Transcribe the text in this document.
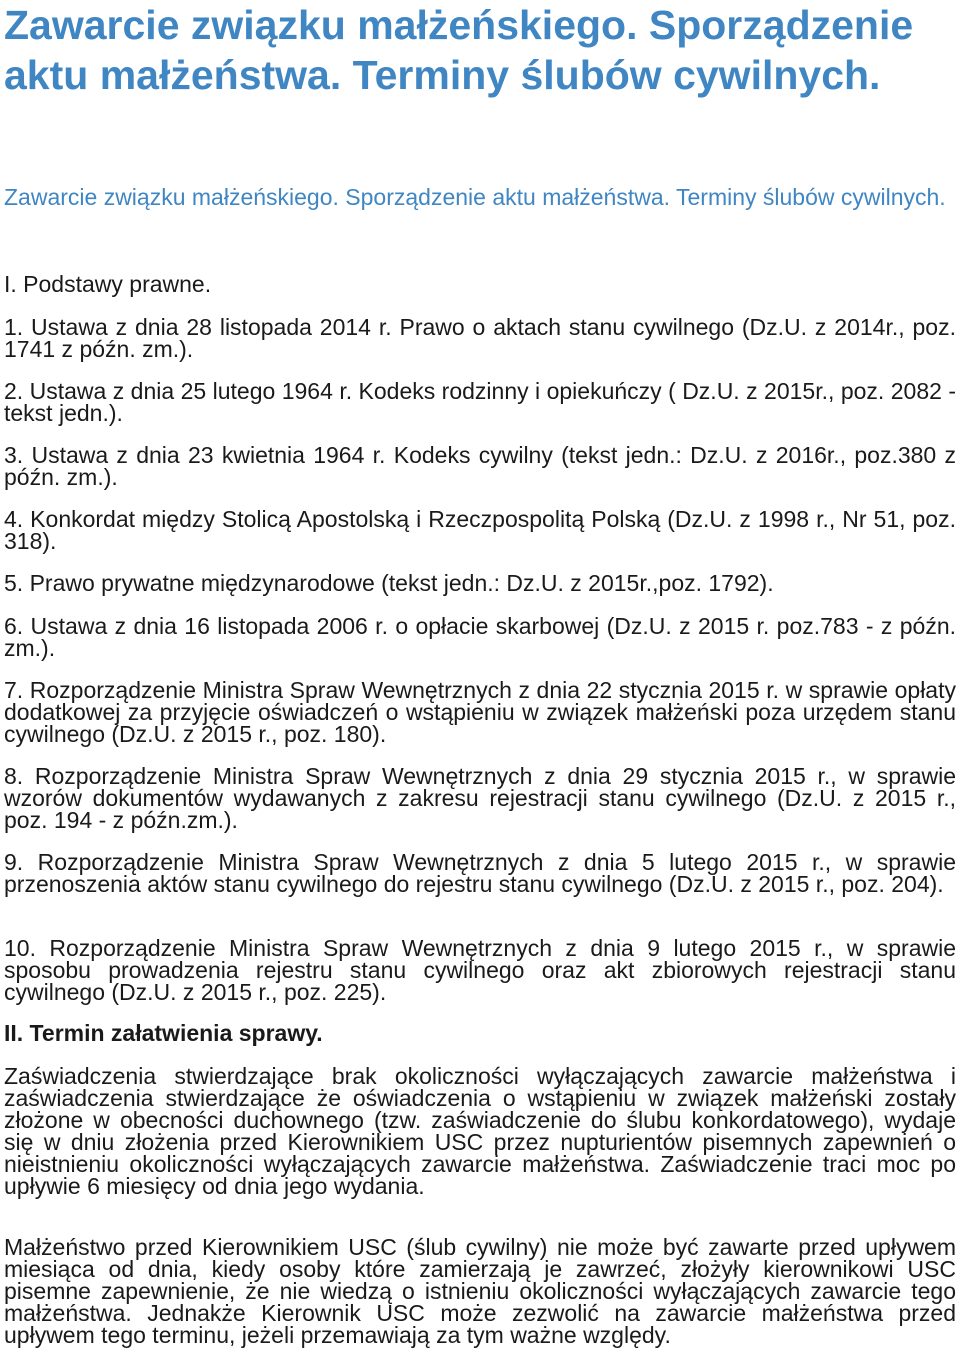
Zawarcie związku małżeńskiego. Sporządzenie aktu małżeństwa. Terminy ślubów cywilnych.

Zawarcie związku małżeńskiego. Sporządzenie aktu małżeństwa. Terminy ślubów cywilnych.

I. Podstawy prawne.

1. Ustawa z dnia 28 listopada 2014 r. Prawo o aktach stanu cywilnego (Dz.U. z 2014r., poz. 1741 z późn. zm.).

2. Ustawa z dnia 25 lutego 1964 r. Kodeks rodzinny i opiekuńczy ( Dz.U. z 2015r., poz. 2082 - tekst jedn.).

3. Ustawa z dnia 23 kwietnia 1964 r. Kodeks cywilny (tekst jedn.: Dz.U. z 2016r., poz.380 z późn. zm.).

4. Konkordat między Stolicą Apostolską i Rzeczpospolitą Polską (Dz.U. z 1998 r., Nr 51, poz. 318).

5. Prawo prywatne międzynarodowe (tekst jedn.: Dz.U. z 2015r.,poz. 1792).

6. Ustawa z dnia 16 listopada 2006 r. o opłacie skarbowej (Dz.U. z 2015 r. poz.783 - z późn. zm.).

7. Rozporządzenie Ministra Spraw Wewnętrznych z dnia 22 stycznia 2015 r. w sprawie opłaty dodatkowej za przyjęcie oświadczeń o wstąpieniu w związek małżeński poza urzędem stanu cywilnego (Dz.U. z 2015 r., poz. 180).

8. Rozporządzenie Ministra Spraw Wewnętrznych z dnia 29 stycznia 2015 r., w sprawie wzorów dokumentów wydawanych z zakresu rejestracji stanu cywilnego (Dz.U. z 2015 r., poz. 194 - z późn.zm.).

9. Rozporządzenie Ministra Spraw Wewnętrznych z dnia 5 lutego 2015 r., w sprawie przenoszenia aktów stanu cywilnego do rejestru stanu cywilnego (Dz.U. z 2015 r., poz. 204).

10. Rozporządzenie Ministra Spraw Wewnętrznych z dnia 9 lutego 2015 r., w sprawie sposobu prowadzenia rejestru stanu cywilnego oraz akt zbiorowych rejestracji stanu cywilnego (Dz.U. z 2015 r., poz. 225).

II. Termin załatwienia sprawy.

Zaświadczenia stwierdzające brak okoliczności wyłączających zawarcie małżeństwa i zaświadczenia stwierdzające że oświadczenia o wstąpieniu w związek małżeński zostały złożone w obecności duchownego (tzw. zaświadczenie do ślubu konkordatowego), wydaje się w dniu złożenia przed Kierownikiem USC przez nupturientów pisemnych zapewnień o nieistnieniu okoliczności wyłączających zawarcie małżeństwa. Zaświadczenie traci moc po upływie 6 miesięcy od dnia jego wydania.

Małżeństwo przed Kierownikiem USC (ślub cywilny) nie może być zawarte przed upływem miesiąca od dnia, kiedy osoby które zamierzają je zawrzeć, złożyły kierownikowi USC pisemne zapewnienie, że nie wiedzą o istnieniu okoliczności wyłączających zawarcie tego małżeństwa. Jednakże Kierownik USC może zezwolić na zawarcie małżeństwa przed upływem tego terminu, jeżeli przemawiają za tym ważne względy.
